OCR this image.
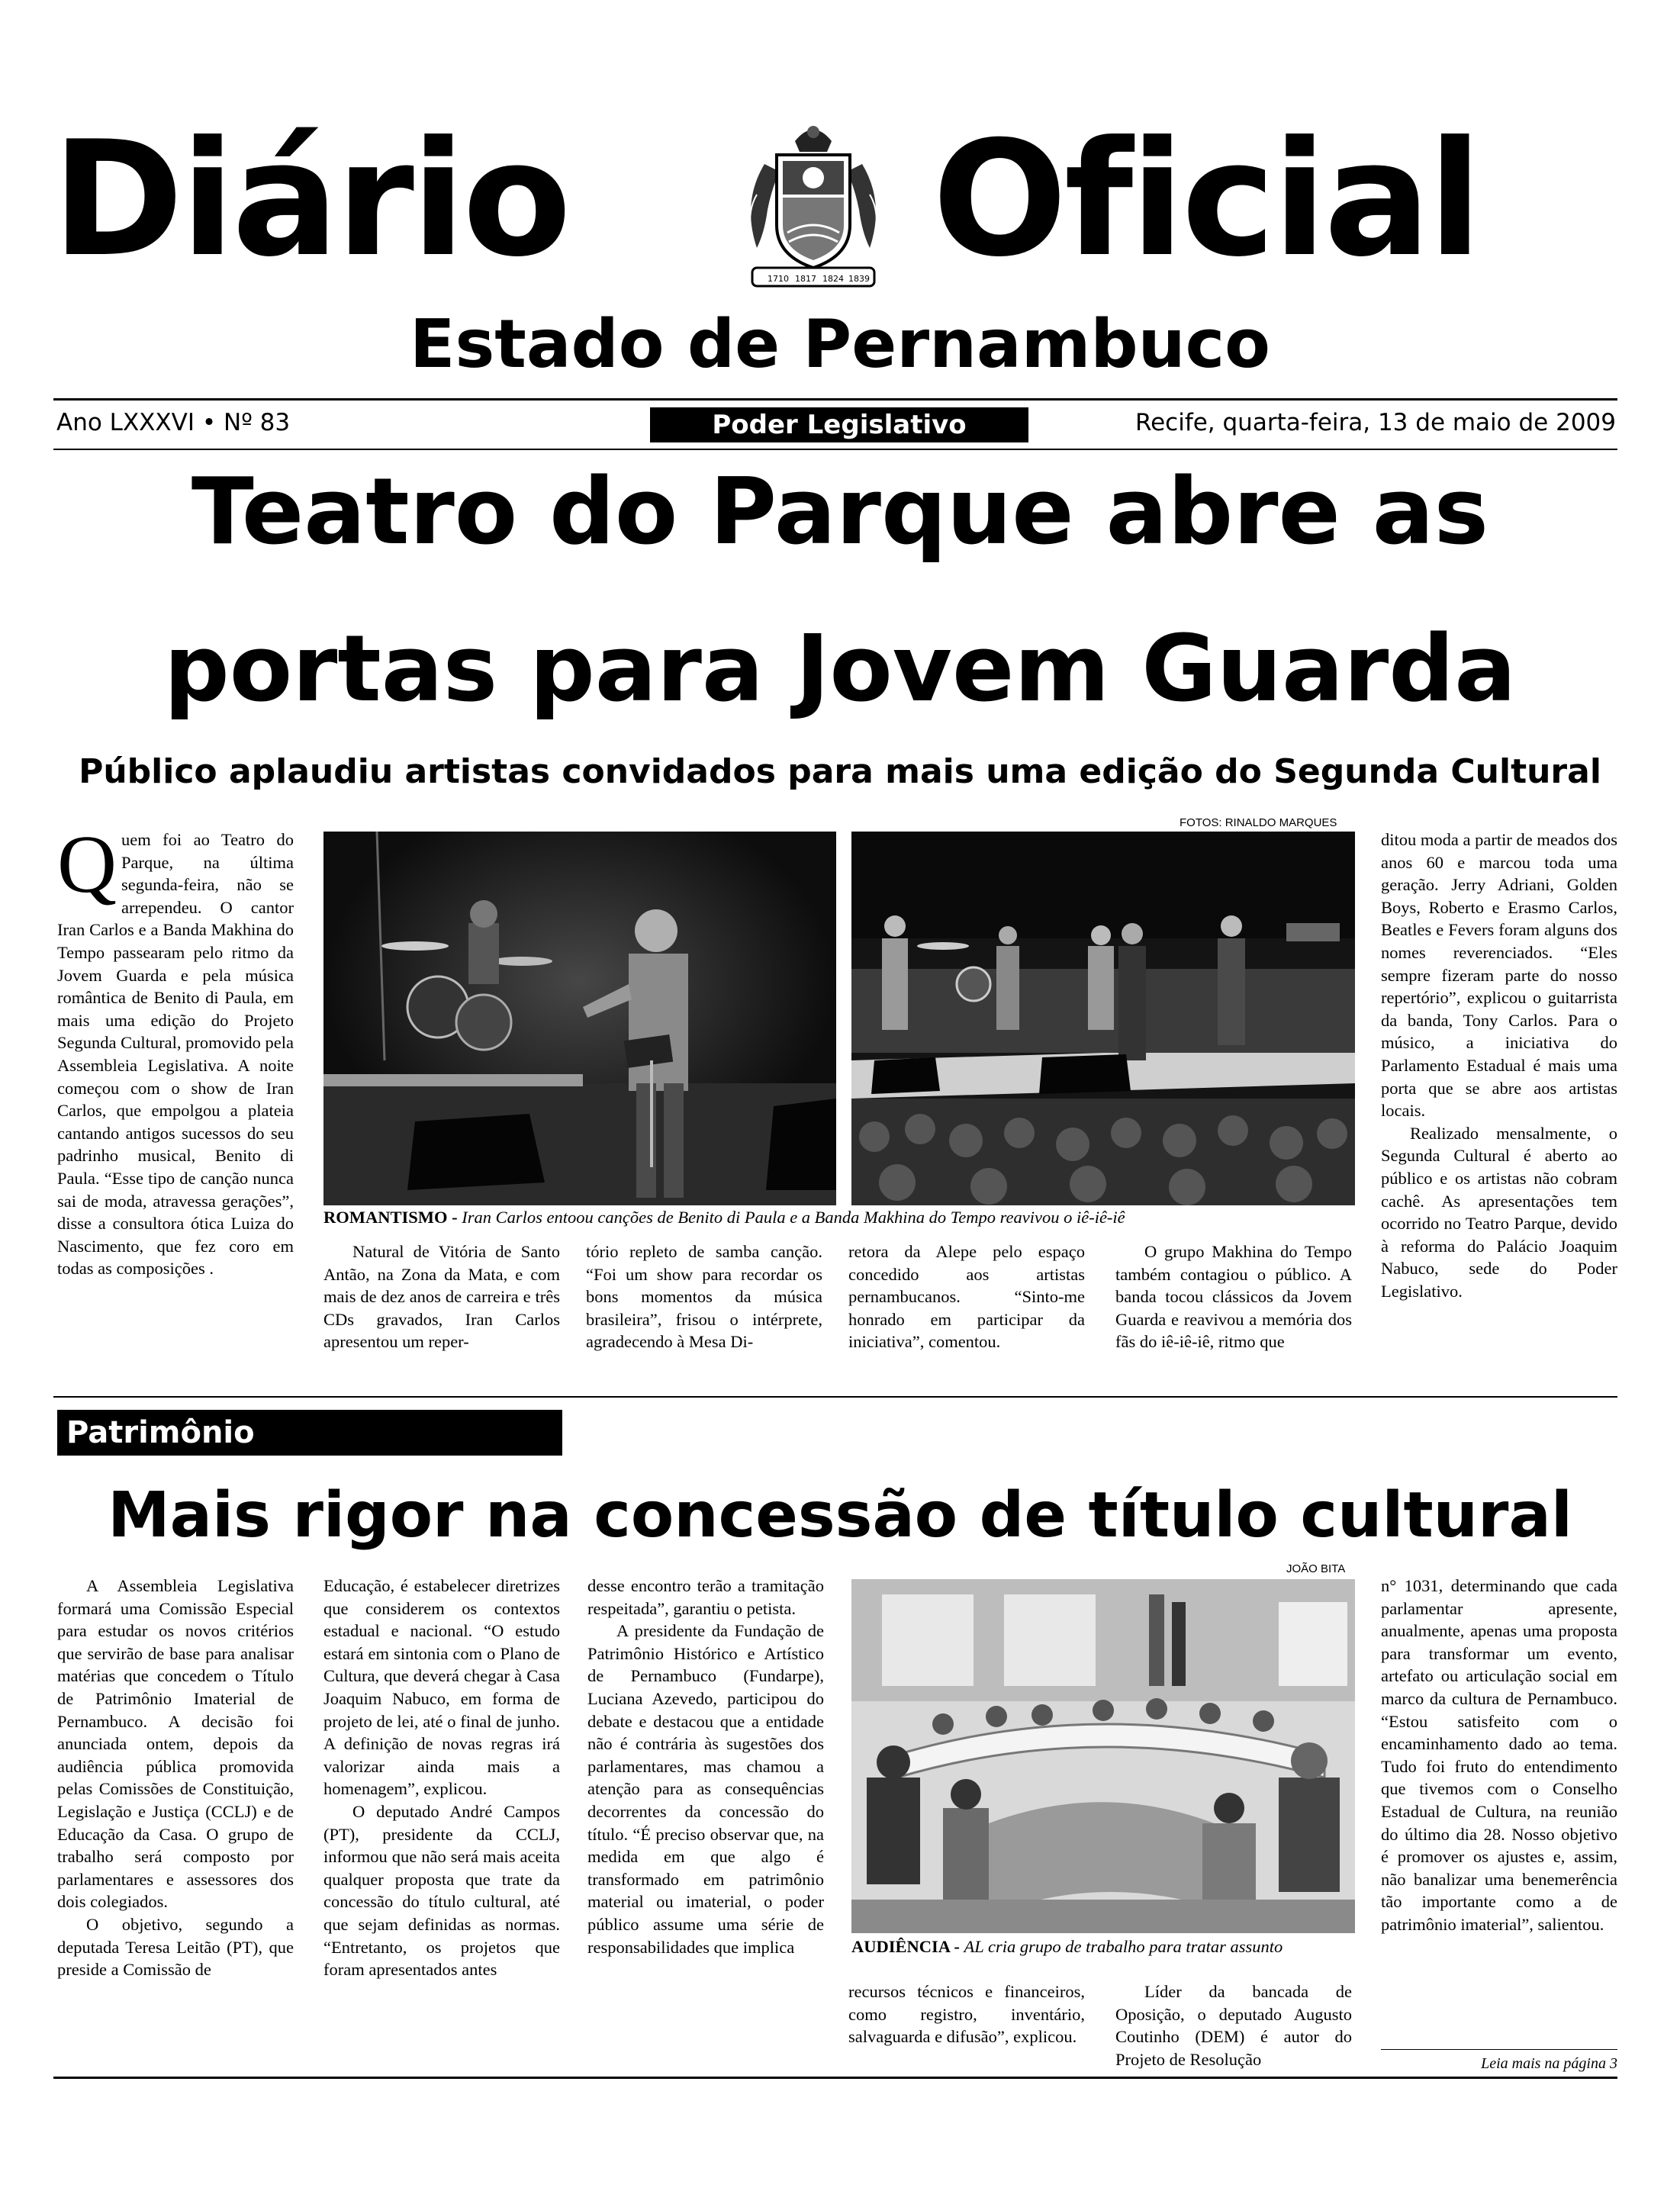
Diário Oficial
1710 1817 1824 1839
Estado de Pernambuco
Ano LXXXVI • Nº 83	Poder Legislativo	Recife, quarta-feira, 13 de maio de 2009
Teatro do Parque abre as
portas para Jovem Guarda
Público aplaudiu artistas convidados para mais uma edição do Segunda Cultural
Quem foi ao Teatro do Parque, na última segunda-feira, não se arrependeu. O cantor Iran Carlos e a Banda Makhina do Tempo passearam pelo ritmo da Jovem Guarda e pela música romântica de Benito di Paula, em mais uma edição do Projeto Segunda Cultural, promovido pela Assembleia Legislativa. A noite começou com o show de Iran Carlos, que empolgou a plateia cantando antigos sucessos do seu padrinho musical, Benito di Paula. “Esse tipo de canção nunca sai de moda, atravessa gerações”, disse a consultora ótica Luiza do Nascimento, que fez coro em todas as composições .
FOTOS: RINALDO MARQUES
ROMANTISMO - Iran Carlos entoou canções de Benito di Paula e a Banda Makhina do Tempo reavivou o iê-iê-iê

Natural de Vitória de Santo Antão, na Zona da Mata, e com mais de dez anos de carreira e três CDs gravados, Iran Carlos apresentou um reper-

tório repleto de samba canção. “Foi um show para recordar os bons momentos da música brasileira”, frisou o intérprete, agradecendo à Mesa Di-

retora da Alepe pelo espaço concedido aos artistas pernambucanos. “Sinto-me honrado em participar da iniciativa”, comentou.

O grupo Makhina do Tempo também contagiou o público. A banda tocou clássicos da Jovem Guarda e reavivou a memória dos fãs do iê-iê-iê, ritmo que

ditou moda a partir de meados dos anos 60 e marcou toda uma geração. Jerry Adriani, Golden Boys, Roberto e Erasmo Carlos, Beatles e Fevers foram alguns dos nomes reverenciados. “Eles sempre fizeram parte do nosso repertório”, explicou o guitarrista da banda, Tony Carlos. Para o músico, a iniciativa do Parlamento Estadual é mais uma porta que se abre aos artistas locais.

Realizado mensalmente, o Segunda Cultural é aberto ao público e os artistas não cobram cachê. As apresentações tem ocorrido no Teatro Parque, devido à reforma do Palácio Joaquim Nabuco, sede do Poder Legislativo.

Patrimônio
Mais rigor na concessão de título cultural

A Assembleia Legislativa formará uma Comissão Especial para estudar os novos critérios que servirão de base para analisar matérias que concedem o Título de Patrimônio Imaterial de Pernambuco. A decisão foi anunciada ontem, depois da audiência pública promovida pelas Comissões de Constituição, Legislação e Justiça (CCLJ) e de Educação da Casa. O grupo de trabalho será composto por parlamentares e assessores dos dois colegiados.

O objetivo, segundo a deputada Teresa Leitão (PT), que preside a Comissão de

Educação, é estabelecer diretrizes que considerem os contextos estadual e nacional. “O estudo estará em sintonia com o Plano de Cultura, que deverá chegar à Casa Joaquim Nabuco, em forma de projeto de lei, até o final de junho. A definição de novas regras irá valorizar ainda mais a homenagem”, explicou.

O deputado André Campos (PT), presidente da CCLJ, informou que não será mais aceita qualquer proposta que trate da concessão do título cultural, até que sejam definidas as normas. “Entretanto, os projetos que foram apresentados antes

desse encontro terão a tramitação respeitada”, garantiu o petista.

A presidente da Fundação de Patrimônio Histórico e Artístico de Pernambuco (Fundarpe), Luciana Azevedo, participou do debate e destacou que a entidade não é contrária às sugestões dos parlamentares, mas chamou a atenção para as consequências decorrentes da concessão do título. “É preciso observar que, na medida em que algo é transformado em patrimônio material ou imaterial, o poder público assume uma série de responsabilidades que implica

JOÃO BITA
AUDIÊNCIA - AL cria grupo de trabalho para tratar assunto

recursos técnicos e financeiros, como registro, inventário, salvaguarda e difusão”, explicou.

Líder da bancada de Oposição, o deputado Augusto Coutinho (DEM) é autor do Projeto de Resolução

n° 1031, determinando que cada parlamentar apresente, anualmente, apenas uma proposta para transformar um evento, artefato ou articulação social em marco da cultura de Pernambuco. “Estou satisfeito com o encaminhamento dado ao tema. Tudo foi fruto do entendimento que tivemos com o Conselho Estadual de Cultura, na reunião do último dia 28. Nosso objetivo é promover os ajustes e, assim, não banalizar uma benemerência tão importante como a de patrimônio imaterial”, salientou.

Leia mais na página 3
